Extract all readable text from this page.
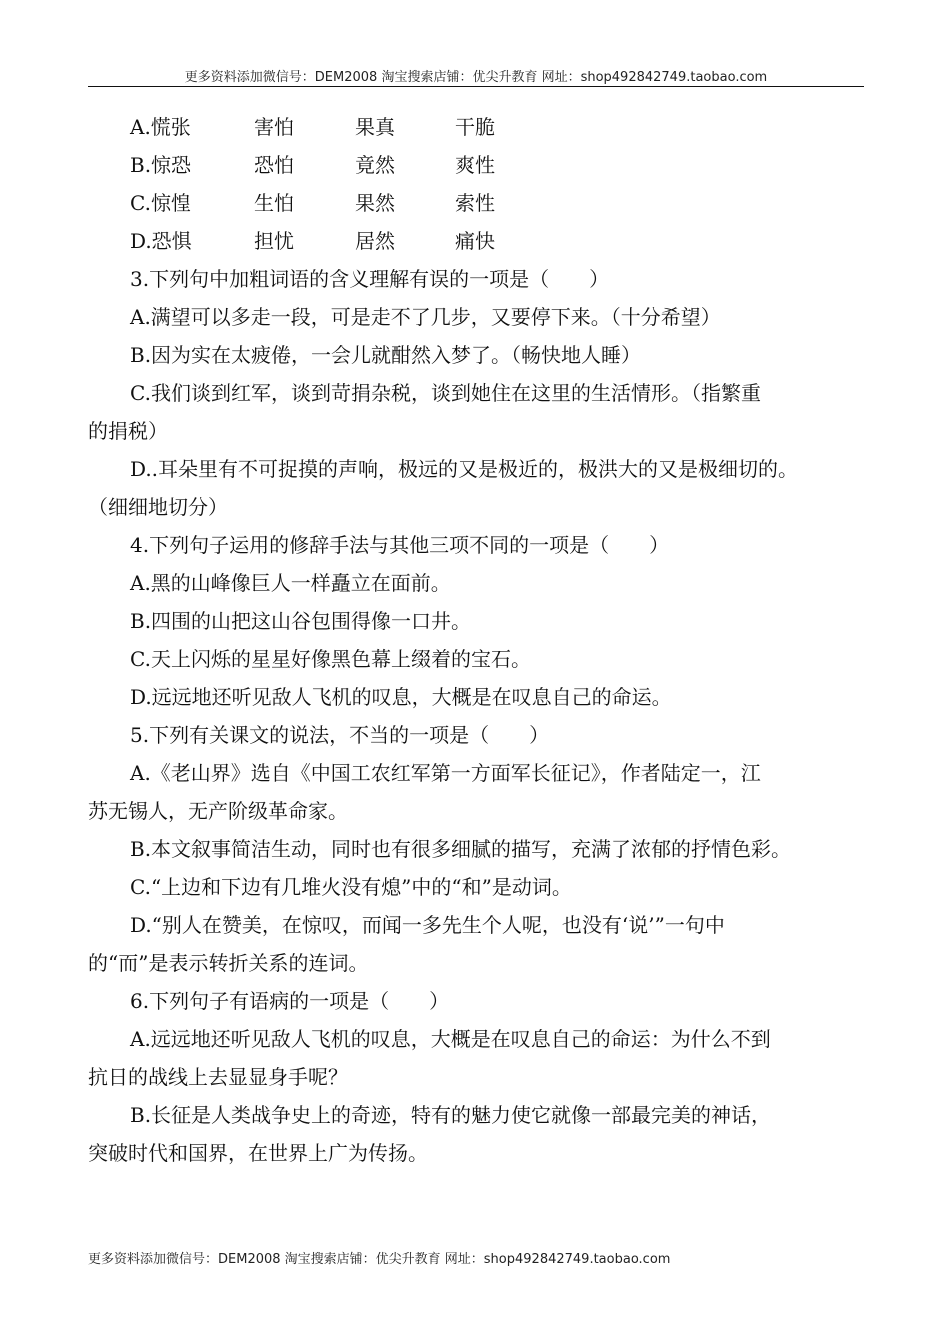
更多资料添加微信号：DEM2008 淘宝搜索店铺：优尖升教育 网址：shop492842749.taobao.com
A.慌张	害怕	果真	干脆
B.惊恐	恐怕	竟然	爽性
C.惊惶	生怕	果然	索性
D.恐惧	担忧	居然	痛快
3.下列句中加粗词语的含义理解有误的一项是（　　）
A.满望可以多走一段，可是走不了几步，又要停下来。（十分希望）
B.因为实在太疲倦，一会儿就酣然入梦了。（畅快地人睡）
C.我们谈到红军，谈到苛捐杂税，谈到她住在这里的生活情形。（指繁重
的捐税）
D..耳朵里有不可捉摸的声响，极远的又是极近的，极洪大的又是极细切的。
（细细地切分）
4.下列句子运用的修辞手法与其他三项不同的一项是（　　）
A.黑的山峰像巨人一样矗立在面前。
B.四围的山把这山谷包围得像一口井。
C.天上闪烁的星星好像黑色幕上缀着的宝石。
D.远远地还听见敌人飞机的叹息，大概是在叹息自己的命运。
5.下列有关课文的说法，不当的一项是（　　）
A.《老山界》选自《中国工农红军第一方面军长征记》，作者陆定一，江
苏无锡人，无产阶级革命家。
B.本文叙事简洁生动，同时也有很多细腻的描写，充满了浓郁的抒情色彩。
C.“上边和下边有几堆火没有熄”中的“和”是动词。
D.“别人在赞美，在惊叹，而闻一多先生个人呢，也没有‘说’”一句中
的“而”是表示转折关系的连词。
6.下列句子有语病的一项是（　　）
A.远远地还听见敌人飞机的叹息，大概是在叹息自己的命运：为什么不到
抗日的战线上去显显身手呢？
B.长征是人类战争史上的奇迹，特有的魅力使它就像一部最完美的神话，
突破时代和国界，在世界上广为传扬。
更多资料添加微信号：DEM2008 淘宝搜索店铺：优尖升教育 网址：shop492842749.taobao.com
